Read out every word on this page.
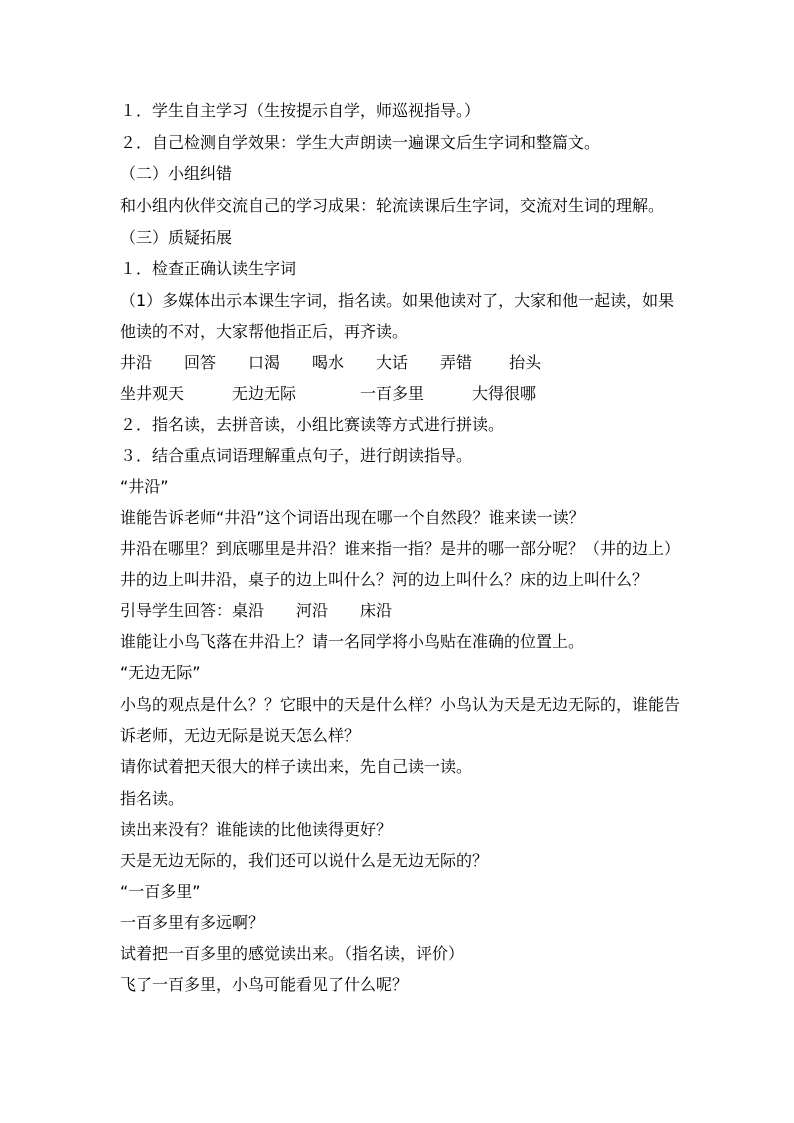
１．学生自主学习（生按提示自学，师巡视指导。）
２．自己检测自学效果：学生大声朗读一遍课文后生字词和整篇文。
（二）小组纠错
和小组内伙伴交流自己的学习成果：轮流读课后生字词，交流对生词的理解。
（三）质疑拓展
１．检查正确认读生字词
（1）多媒体出示本课生字词，指名读。如果他读对了，大家和他一起读，如果
他读的不对，大家帮他指正后，再齐读。
井沿　　回答　　口渴　　喝水　　大话　　弄错　　 抬头
坐井观天　　　无边无际　　　　一百多里　　　大得很哪
２．指名读，去拼音读，小组比赛读等方式进行拼读。
３．结合重点词语理解重点句子，进行朗读指导。
“井沿”
谁能告诉老师“井沿”这个词语出现在哪一个自然段？谁来读一读？
井沿在哪里？到底哪里是井沿？谁来指一指？是井的哪一部分呢？（井的边上）
井的边上叫井沿，桌子的边上叫什么？河的边上叫什么？床的边上叫什么？
引导学生回答：桌沿　　河沿　　床沿
谁能让小鸟飞落在井沿上？请一名同学将小鸟贴在准确的位置上。
“无边无际”
小鸟的观点是什么？？它眼中的天是什么样？小鸟认为天是无边无际的，谁能告
诉老师，无边无际是说天怎么样？
请你试着把天很大的样子读出来，先自己读一读。
指名读。
读出来没有？谁能读的比他读得更好？
天是无边无际的，我们还可以说什么是无边无际的？
“一百多里”
一百多里有多远啊？
试着把一百多里的感觉读出来。（指名读，评价）
飞了一百多里，小鸟可能看见了什么呢？
